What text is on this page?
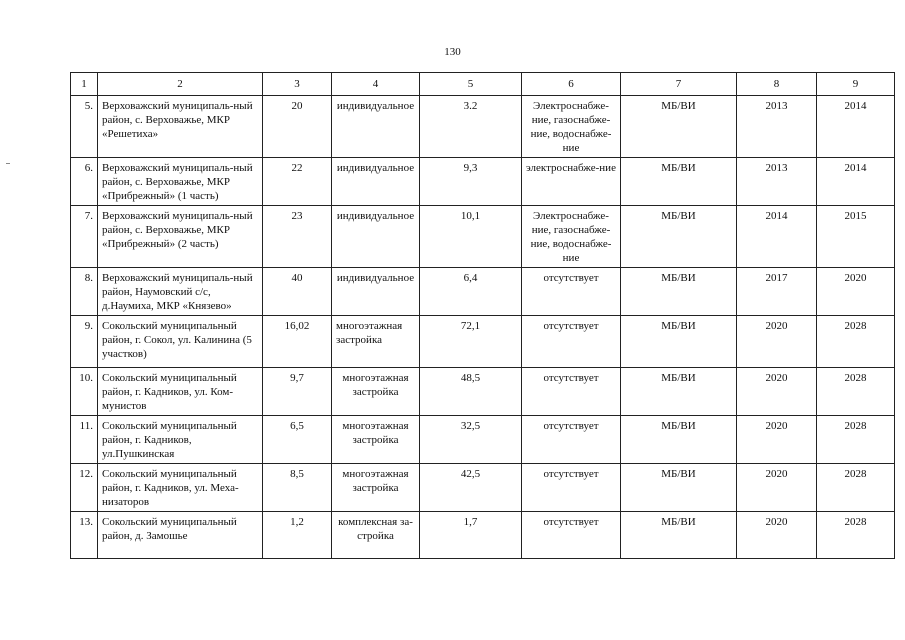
130
1	2	3	4	5	6	7	8	9
5.	Верховажский муниципаль-ный район, с. Верховажье, МКР «Решетиха»	20	индивидуальное	3.2	Электроснабже-ние, газоснабже-ние, водоснабже-ние	МБ/ВИ	2013	2014
6.	Верховажский муниципаль-ный район, с. Верховажье, МКР «Прибрежный» (1 часть)	22	индивидуальное	9,3	электроснабже-ние	МБ/ВИ	2013	2014
7.	Верховажский муниципаль-ный район, с. Верховажье, МКР «Прибрежный» (2 часть)	23	индивидуальное	10,1	Электроснабже-ние, газоснабже-ние, водоснабже-ние	МБ/ВИ	2014	2015
8.	Верховажский муниципаль-ный район, Наумовский с/с, д.Наумиха, МКР «Князево»	40	индивидуальное	6,4	отсутствует	МБ/ВИ	2017	2020
9.	Сокольский муниципальный район, г. Сокол, ул. Калинина (5 участков)	16,02	многоэтажная застройка	72,1	отсутствует	МБ/ВИ	2020	2028
10.	Сокольский муниципальный район, г. Кадников, ул. Ком-мунистов	9,7	многоэтажная застройка	48,5	отсутствует	МБ/ВИ	2020	2028
11.	Сокольский муниципальный район, г. Кадников, ул.Пушкинская	6,5	многоэтажная застройка	32,5	отсутствует	МБ/ВИ	2020	2028
12.	Сокольский муниципальный район, г. Кадников, ул. Меха-низаторов	8,5	многоэтажная застройка	42,5	отсутствует	МБ/ВИ	2020	2028
13.	Сокольский муниципальный район, д. Замошье	1,2	комплексная за-стройка	1,7	отсутствует	МБ/ВИ	2020	2028
